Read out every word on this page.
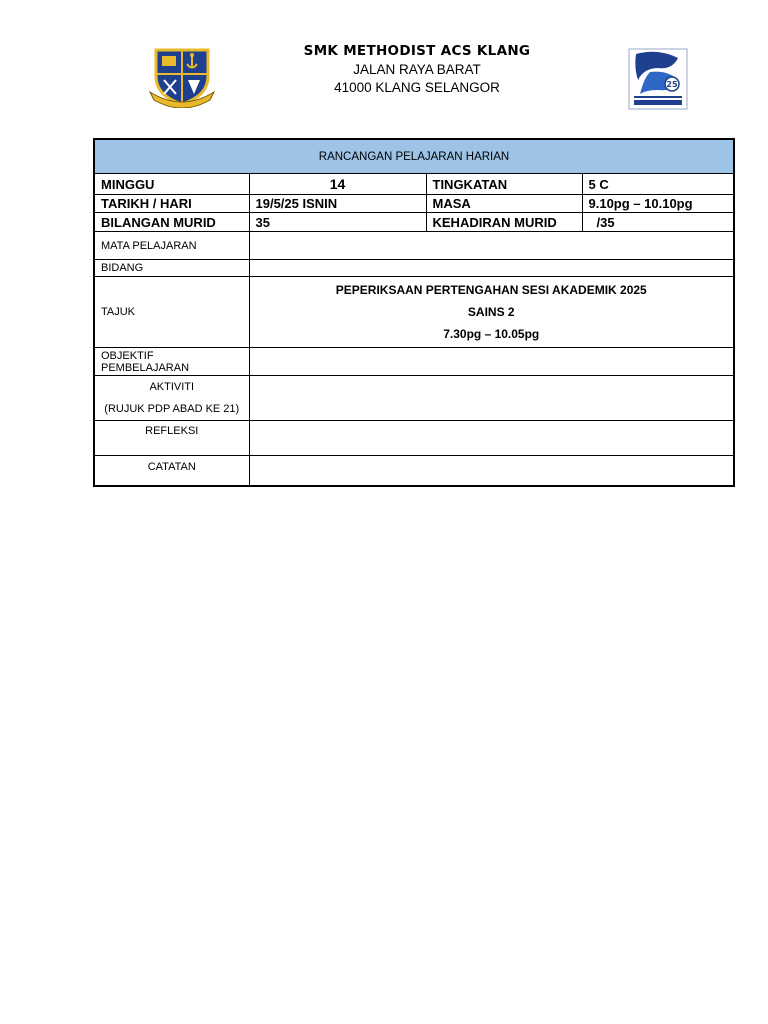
SMK METHODIST ACS KLANG
JALAN RAYA BARAT
41000 KLANG SELANGOR	25
RANCANGAN PELAJARAN HARIAN			
MINGGU	14	TINGKATAN	5 C
TARIKH / HARI	19/5/25 ISNIN	MASA	9.10pg – 10.10pg
BILANGAN MURID	35	KEHADIRAN MURID	/35
MATA PELAJARAN			
BIDANG			
TAJUK	PEPERIKSAAN PERTENGAHAN SESI AKADEMIK 2025
SAINS 2
7.30pg – 10.05pg		

OBJEKTIF PEMBELAJARAN			

AKTIVITI
(RUJUK PDP ABAD KE 21)			

REFLEKSI			
CATATAN			
